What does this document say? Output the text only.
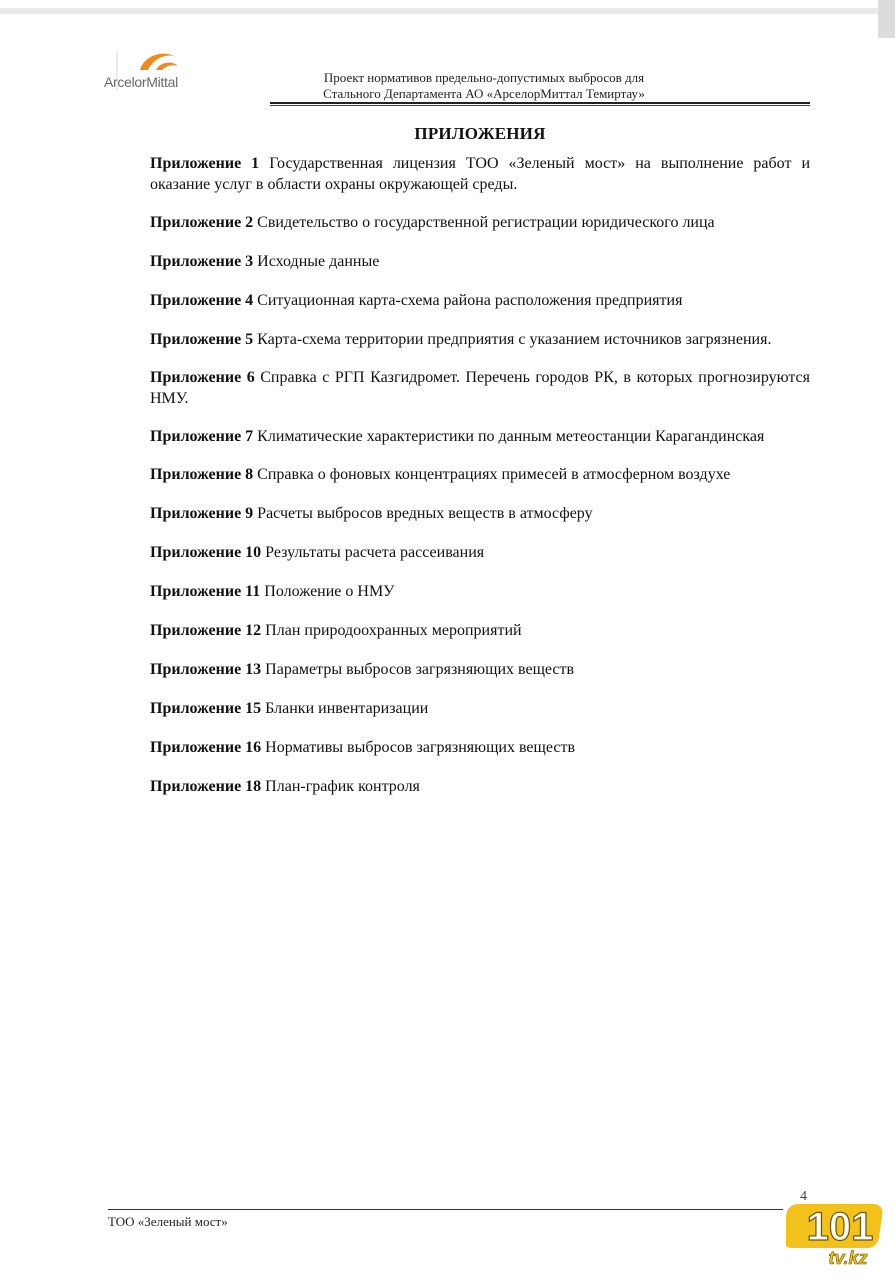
ArcelorMittal	Проект нормативов предельно-допустимых выбросов для
Стального Департамента АО «АрселорМиттал Темиртау»
ПРИЛОЖЕНИЯ

Приложение 1 Государственная лицензия ТОО «Зеленый мост» на выполнение работ и оказание услуг в области охраны окружающей среды.

Приложение 2 Свидетельство о государственной регистрации юридического лица

Приложение 3 Исходные данные

Приложение 4 Ситуационная карта-схема района расположения предприятия

Приложение 5 Карта-схема территории предприятия с указанием источников загрязнения.

Приложение 6 Справка с РГП Казгидромет. Перечень городов РК, в которых прогнозируются НМУ.

Приложение 7 Климатические характеристики по данным метеостанции Карагандинская

Приложение 8 Справка о фоновых концентрациях примесей в атмосферном воздухе

Приложение 9 Расчеты выбросов вредных веществ в атмосферу

Приложение 10 Результаты расчета рассеивания

Приложение 11 Положение о НМУ

Приложение 12 План природоохранных мероприятий

Приложение 13 Параметры выбросов загрязняющих веществ

Приложение 15 Бланки инвентаризации

Приложение 16 Нормативы выбросов загрязняющих веществ

Приложение 18 План-график контроля

4
ТОО «Зеленый мост»	101
tv.kz
